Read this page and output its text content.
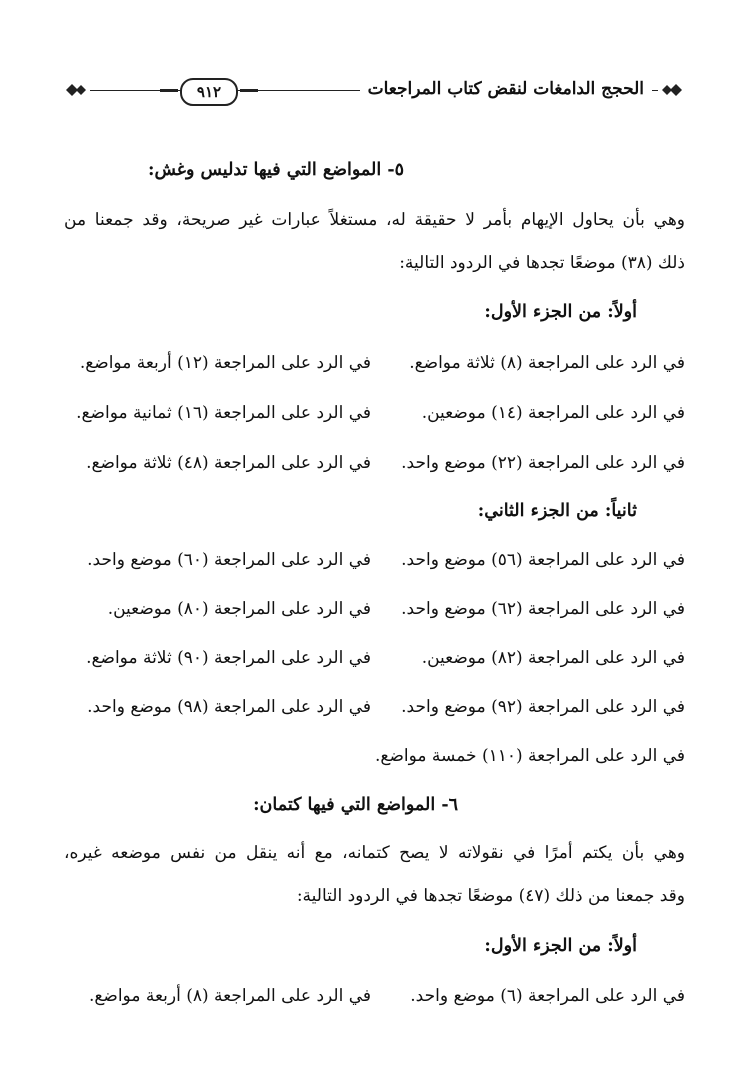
٩١٢	الحجج الدامغات لنقض كتاب المراجعات
٥- المواضع التي فيها تدليس وغش:
وهي بأن يحاول الإيهام بأمر لا حقيقة له، مستغلاً عبارات غير صريحة، وقد جمعنا من
ذلك (٣٨) موضعًا تجدها في الردود التالية:
أولاً: من الجزء الأول:
في الرد على المراجعة (٨) ثلاثة مواضع.
في الرد على المراجعة (١٢) أربعة مواضع.
في الرد على المراجعة (١٤) موضعين.
في الرد على المراجعة (١٦) ثمانية مواضع.
في الرد على المراجعة (٢٢) موضع واحد.
في الرد على المراجعة (٤٨) ثلاثة مواضع.
ثانياً: من الجزء الثاني:
في الرد على المراجعة (٥٦) موضع واحد.
في الرد على المراجعة (٦٠) موضع واحد.
في الرد على المراجعة (٦٢) موضع واحد.
في الرد على المراجعة (٨٠) موضعين.
في الرد على المراجعة (٨٢) موضعين.
في الرد على المراجعة (٩٠) ثلاثة مواضع.
في الرد على المراجعة (٩٢) موضع واحد.
في الرد على المراجعة (٩٨) موضع واحد.
في الرد على المراجعة (١١٠) خمسة مواضع.
٦- المواضع التي فيها كتمان:
وهي بأن يكتم أمرًا في نقولاته لا يصح كتمانه، مع أنه ينقل من نفس موضعه غيره،
وقد جمعنا من ذلك (٤٧) موضعًا تجدها في الردود التالية:
أولاً: من الجزء الأول:
في الرد على المراجعة (٦) موضع واحد.
في الرد على المراجعة (٨) أربعة مواضع.
